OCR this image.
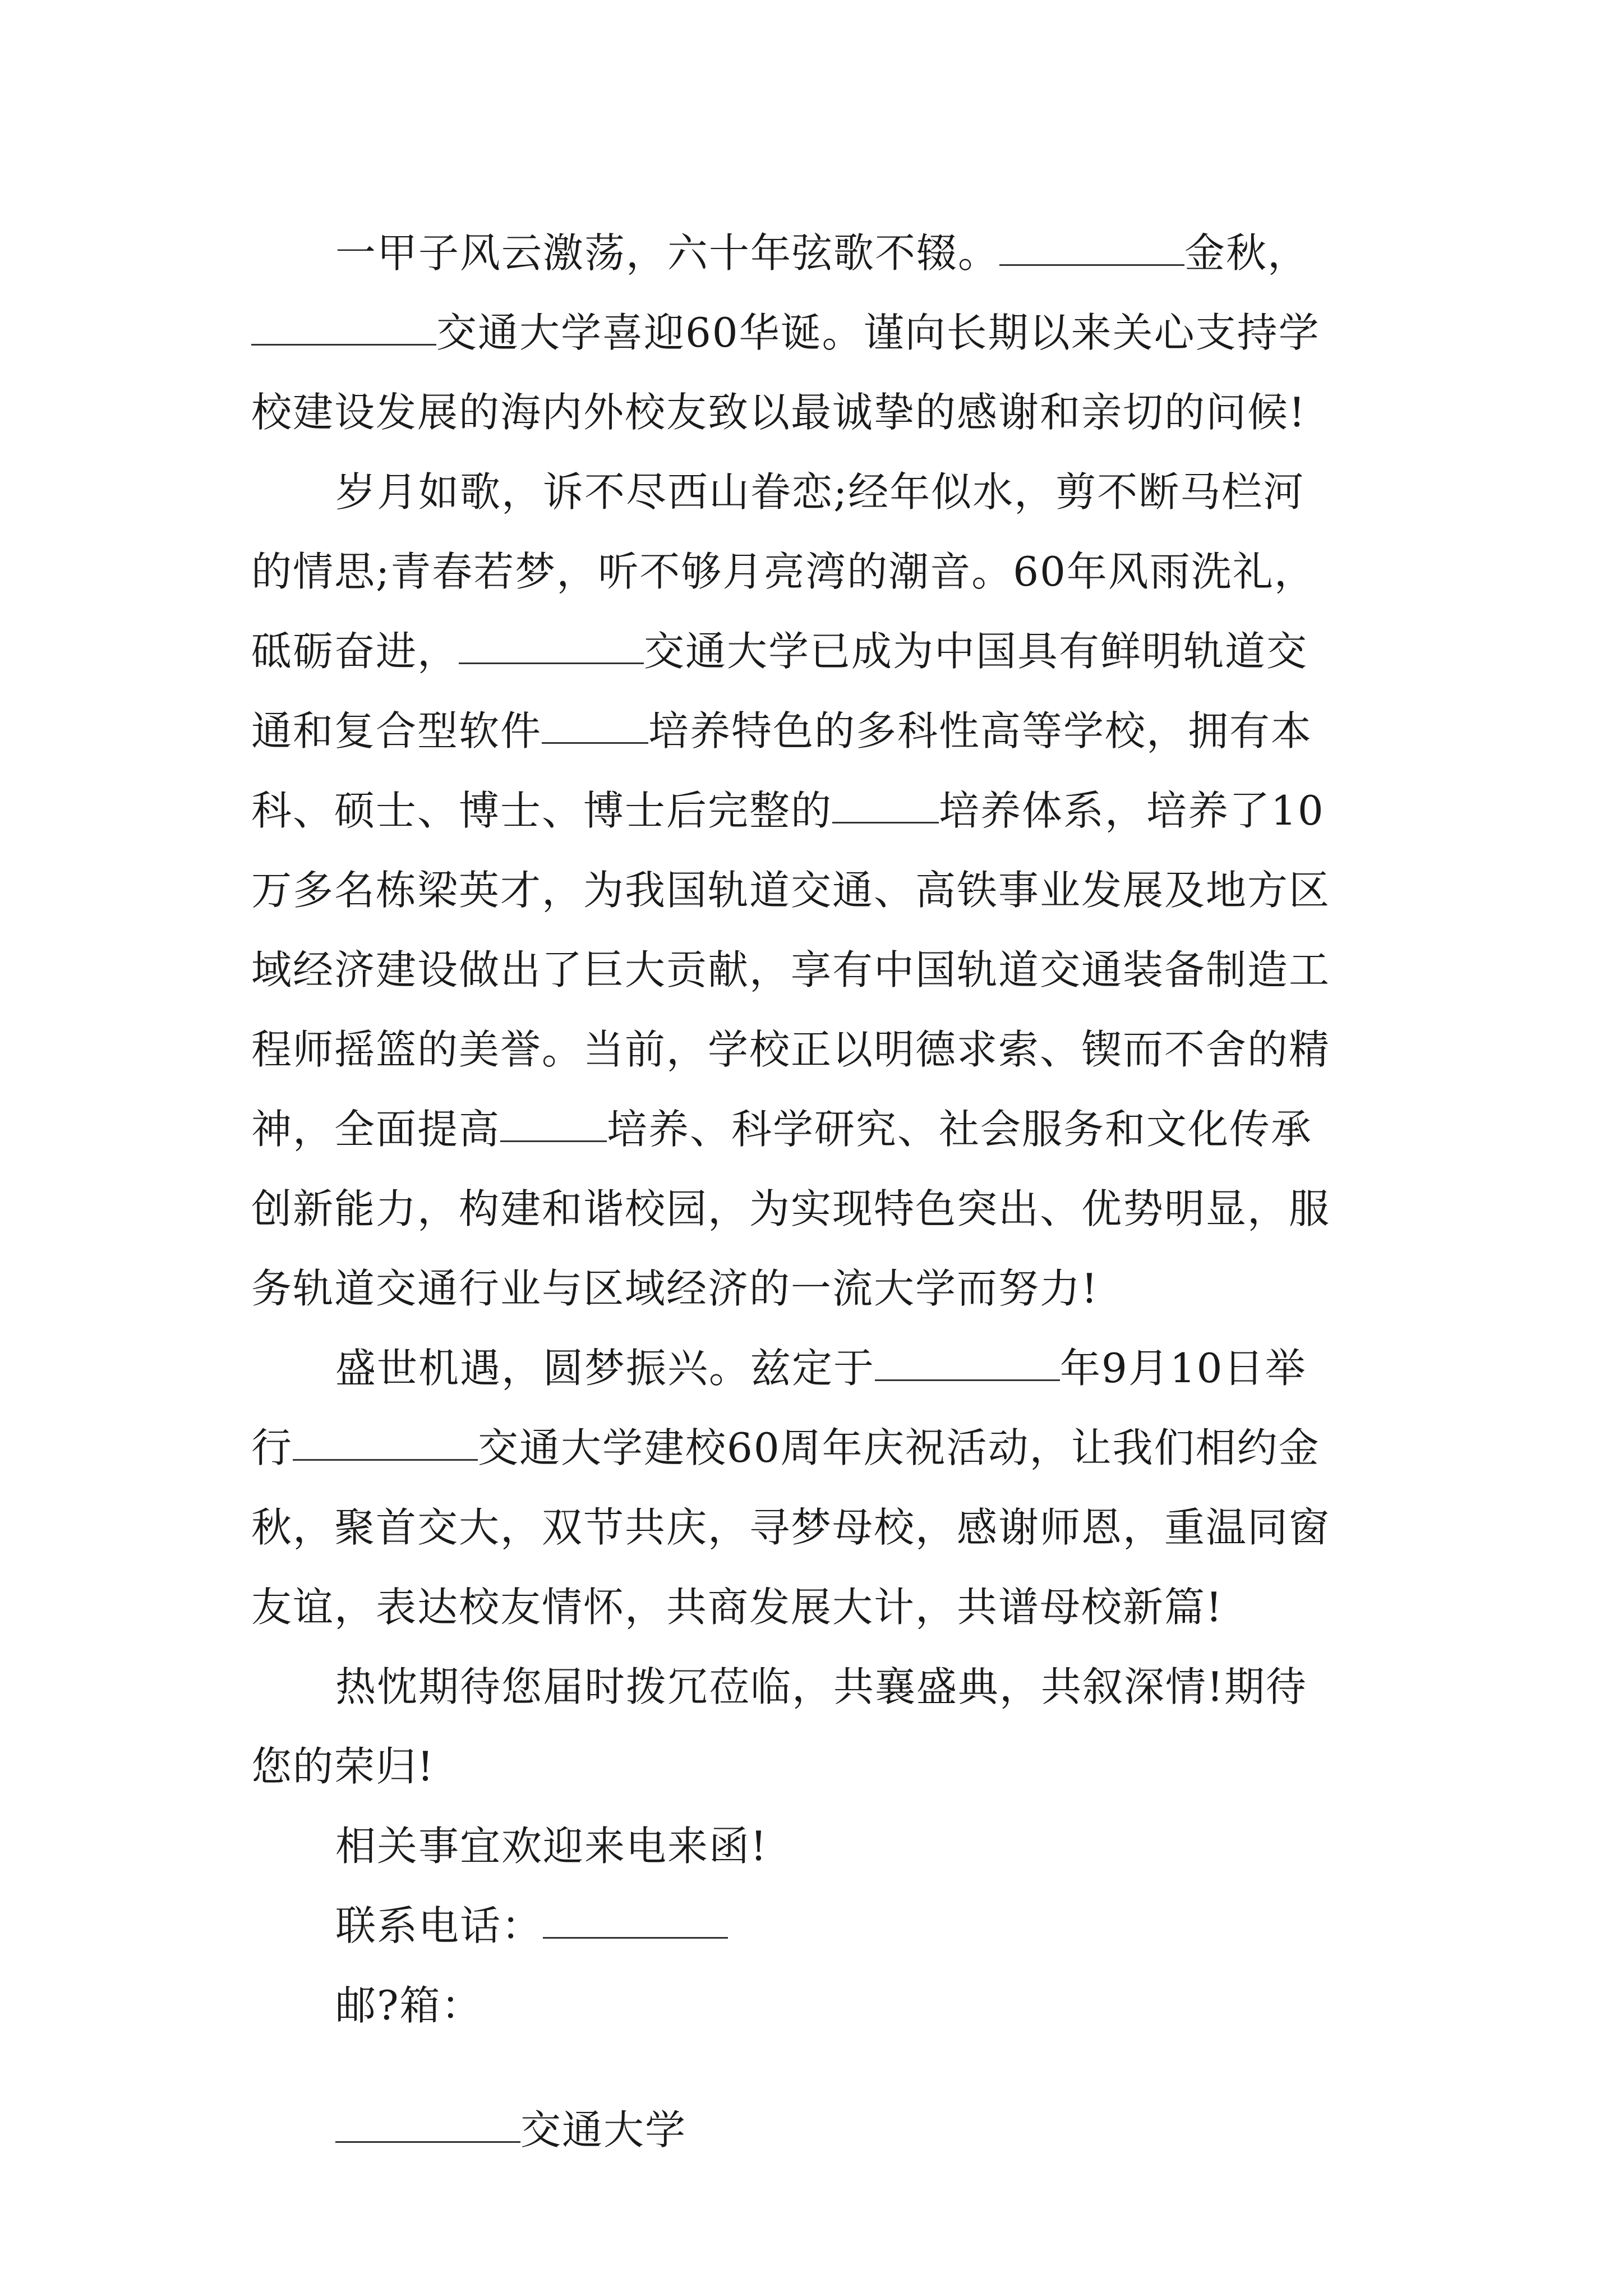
一甲子风云激荡，六十年弦歌不辍。	金秋，
交通大学喜迎60华诞。谨向长期以来关心支持学
校建设发展的海内外校友致以最诚挚的感谢和亲切的问候!
岁月如歌，诉不尽西山眷恋;经年似水，剪不断马栏河
的情思;青春若梦，听不够月亮湾的潮音。60年风雨洗礼，
砥砺奋进，	交通大学已成为中国具有鲜明轨道交
通和复合型软件	培养特色的多科性高等学校，拥有本
科、硕士、博士、博士后完整的	培养体系，培养了10
万多名栋梁英才，为我国轨道交通、高铁事业发展及地方区
域经济建设做出了巨大贡献，享有中国轨道交通装备制造工
程师摇篮的美誉。当前，学校正以明德求索、锲而不舍的精
神，全面提高	培养、科学研究、社会服务和文化传承
创新能力，构建和谐校园，为实现特色突出、优势明显，服
务轨道交通行业与区域经济的一流大学而努力!
盛世机遇，圆梦振兴。兹定于	年9月10日举
行	交通大学建校60周年庆祝活动，让我们相约金
秋，聚首交大，双节共庆，寻梦母校，感谢师恩，重温同窗
友谊，表达校友情怀，共商发展大计，共谱母校新篇!
热忱期待您届时拨冗莅临，共襄盛典，共叙深情!期待
您的荣归!
相关事宜欢迎来电来函!
联系电话：
邮?箱：
交通大学
